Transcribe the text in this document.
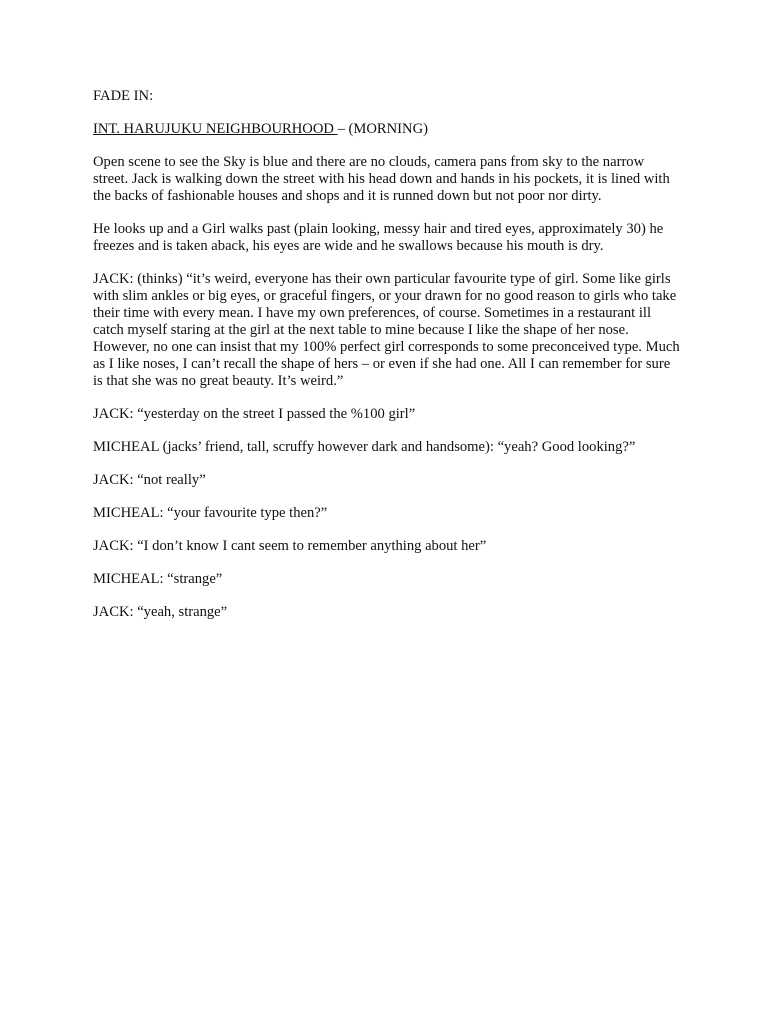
FADE IN:

INT. HARUJUKU NEIGHBOURHOOD – (MORNING)

Open scene to see the Sky is blue and there are no clouds, camera pans from sky to the narrow street. Jack is walking down the street with his head down and hands in his pockets, it is lined with the backs of fashionable houses and shops and it is runned down but not poor nor dirty.

He looks up and a Girl walks past (plain looking, messy hair and tired eyes, approximately 30) he freezes and is taken aback, his eyes are wide and he swallows because his mouth is dry.

JACK: (thinks) “it’s weird, everyone has their own particular favourite type of girl. Some like girls with slim ankles or big eyes, or graceful fingers, or your drawn for no good reason to girls who take their time with every mean. I have my own preferences, of course. Sometimes in a restaurant ill catch myself staring at the girl at the next table to mine because I like the shape of her nose.

However, no one can insist that my 100% perfect girl corresponds to some preconceived type. Much as I like noses, I can’t recall the shape of hers – or even if she had one. All I can remember for sure is that she was no great beauty. It’s weird.”

JACK: “yesterday on the street I passed the %100 girl”

MICHEAL (jacks’ friend, tall, scruffy however dark and handsome): “yeah? Good looking?”

JACK: “not really”

MICHEAL: “your favourite type then?”

JACK: “I don’t know I cant seem to remember anything about her”

MICHEAL: “strange”

JACK: “yeah, strange”
